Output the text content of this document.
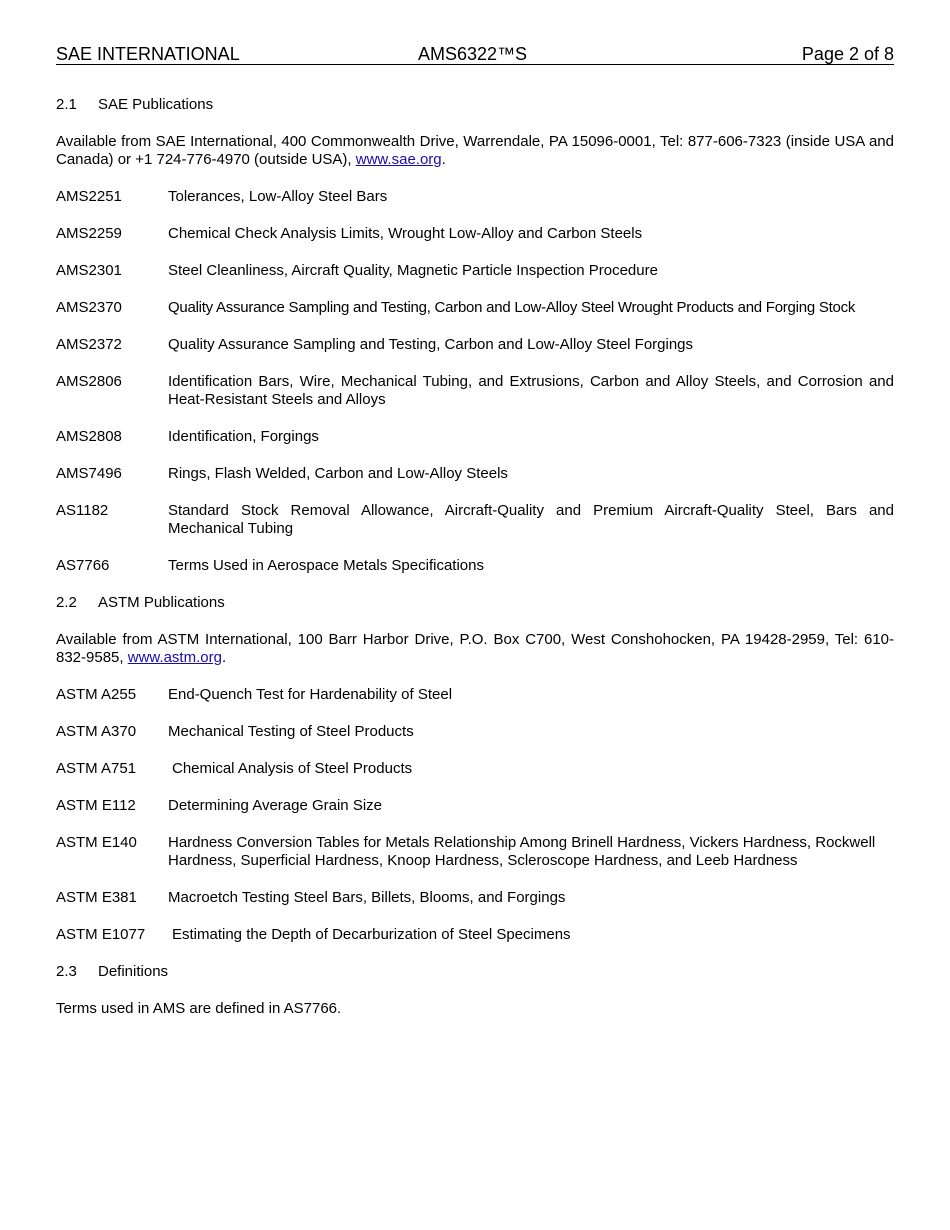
SAE INTERNATIONAL	AMS6322™S	Page 2 of 8
2.1	SAE Publications
Available from SAE International, 400 Commonwealth Drive, Warrendale, PA 15096-0001, Tel: 877-606-7323 (inside USA and Canada) or +1 724-776-4970 (outside USA), www.sae.org.
AMS2251	Tolerances, Low-Alloy Steel Bars
AMS2259	Chemical Check Analysis Limits, Wrought Low-Alloy and Carbon Steels
AMS2301	Steel Cleanliness, Aircraft Quality, Magnetic Particle Inspection Procedure
AMS2370	Quality Assurance Sampling and Testing, Carbon and Low-Alloy Steel Wrought Products and Forging Stock
AMS2372	Quality Assurance Sampling and Testing, Carbon and Low-Alloy Steel Forgings
AMS2806	Identification Bars, Wire, Mechanical Tubing, and Extrusions, Carbon and Alloy Steels, and Corrosion and Heat-Resistant Steels and Alloys
AMS2808	Identification, Forgings
AMS7496	Rings, Flash Welded, Carbon and Low-Alloy Steels
AS1182	Standard Stock Removal Allowance, Aircraft-Quality and Premium Aircraft-Quality Steel, Bars and Mechanical Tubing
AS7766	Terms Used in Aerospace Metals Specifications
2.2	ASTM Publications
Available from ASTM International, 100 Barr Harbor Drive, P.O. Box C700, West Conshohocken, PA 19428-2959, Tel: 610-832-9585, www.astm.org.
ASTM A255	End-Quench Test for Hardenability of Steel
ASTM A370	Mechanical Testing of Steel Products
ASTM A751	Chemical Analysis of Steel Products
ASTM E112	Determining Average Grain Size
ASTM E140	Hardness Conversion Tables for Metals Relationship Among Brinell Hardness, Vickers Hardness, Rockwell Hardness, Superficial Hardness, Knoop Hardness, Scleroscope Hardness, and Leeb Hardness
ASTM E381	Macroetch Testing Steel Bars, Billets, Blooms, and Forgings
ASTM E1077	Estimating the Depth of Decarburization of Steel Specimens
2.3	Definitions
Terms used in AMS are defined in AS7766.
